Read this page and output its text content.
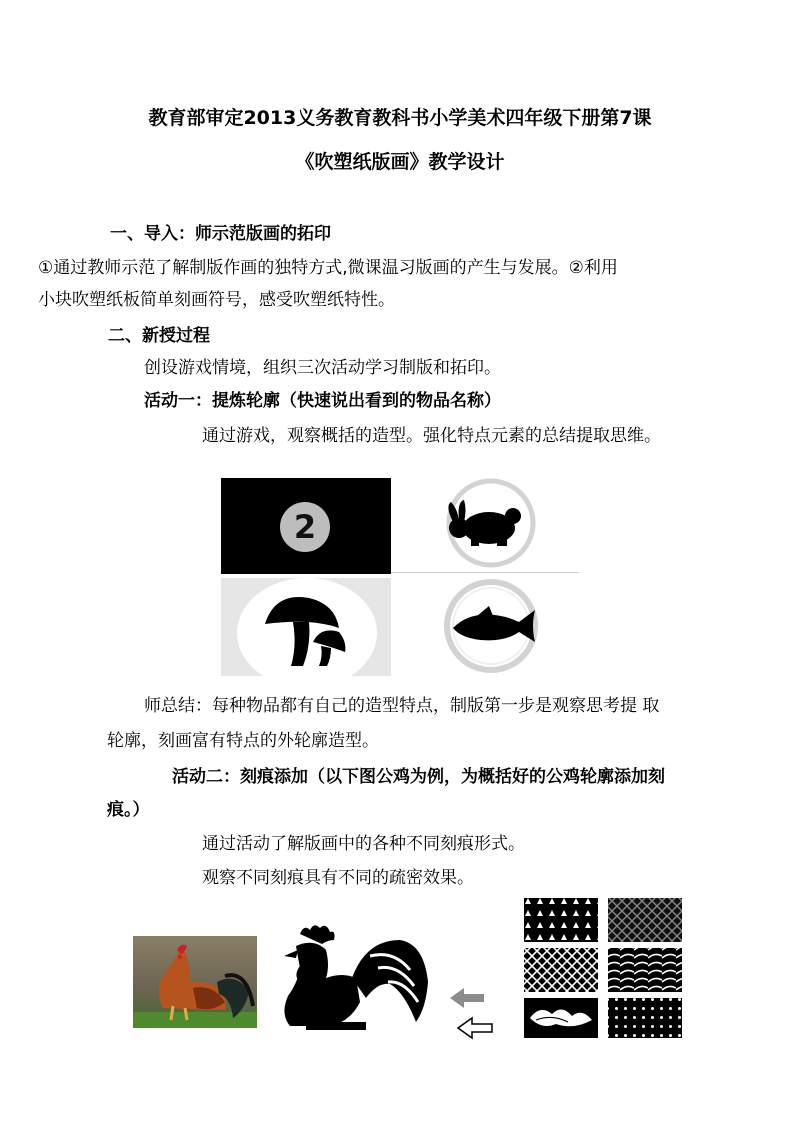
教育部审定2013义务教育教科书小学美术四年级下册第7课
《吹塑纸版画》教学设计
一、导入：师示范版画的拓印
①通过教师示范了解制版作画的独特方式,微课温习版画的产生与发展。②利用
小块吹塑纸板简单刻画符号，感受吹塑纸特性。
二、新授过程
创设游戏情境，组织三次活动学习制版和拓印。
活动一：提炼轮廓（快速说出看到的物品名称）
通过游戏，观察概括的造型。强化特点元素的总结提取思维。
2
师总结：每种物品都有自己的造型特点，制版第一步是观察思考提 取
轮廓，刻画富有特点的外轮廓造型。
活动二：刻痕添加（以下图公鸡为例，为概括好的公鸡轮廓添加刻
痕。）
通过活动了解版画中的各种不同刻痕形式。
观察不同刻痕具有不同的疏密效果。
